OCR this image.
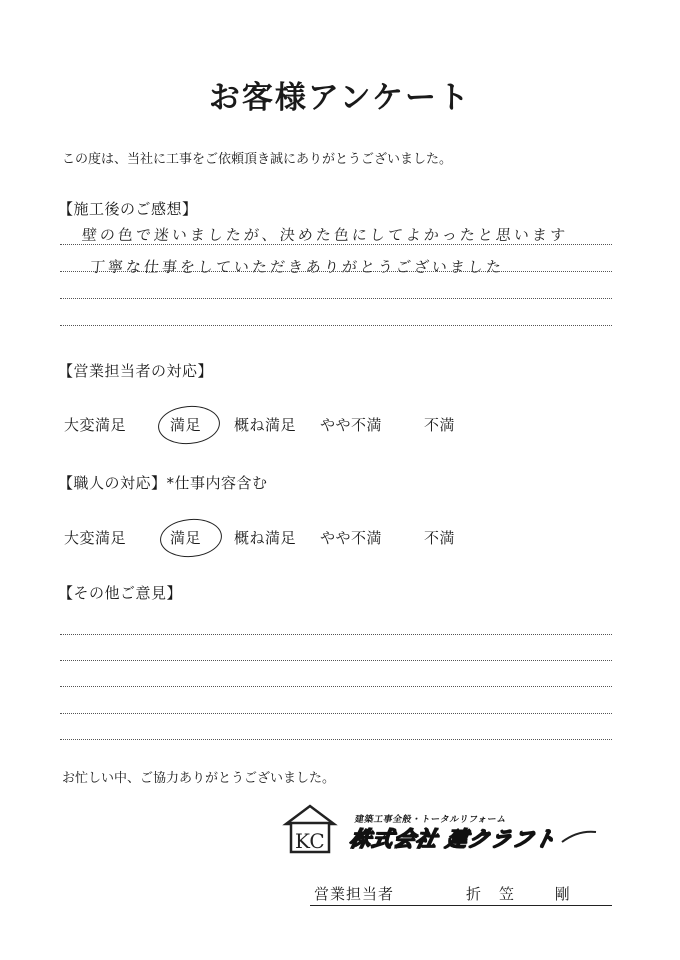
お客様アンケート
この度は、当社に工事をご依頼頂き誠にありがとうございました。
【施工後のご感想】
壁の色で迷いましたが、決めた色にしてよかったと思います
丁寧な仕事をしていただきありがとうございました
【営業担当者の対応】
大変満足	満足 概ね満足 やや不満	不満
【職人の対応】*仕事内容含む
大変満足	満足 概ね満足 やや不満	不満
【その他ご意見】
お忙しい中、ご協力ありがとうございました。
KC
建築工事全般・トータルリフォーム
株式会社 建クラフト
営業担当者	折笠 剛
